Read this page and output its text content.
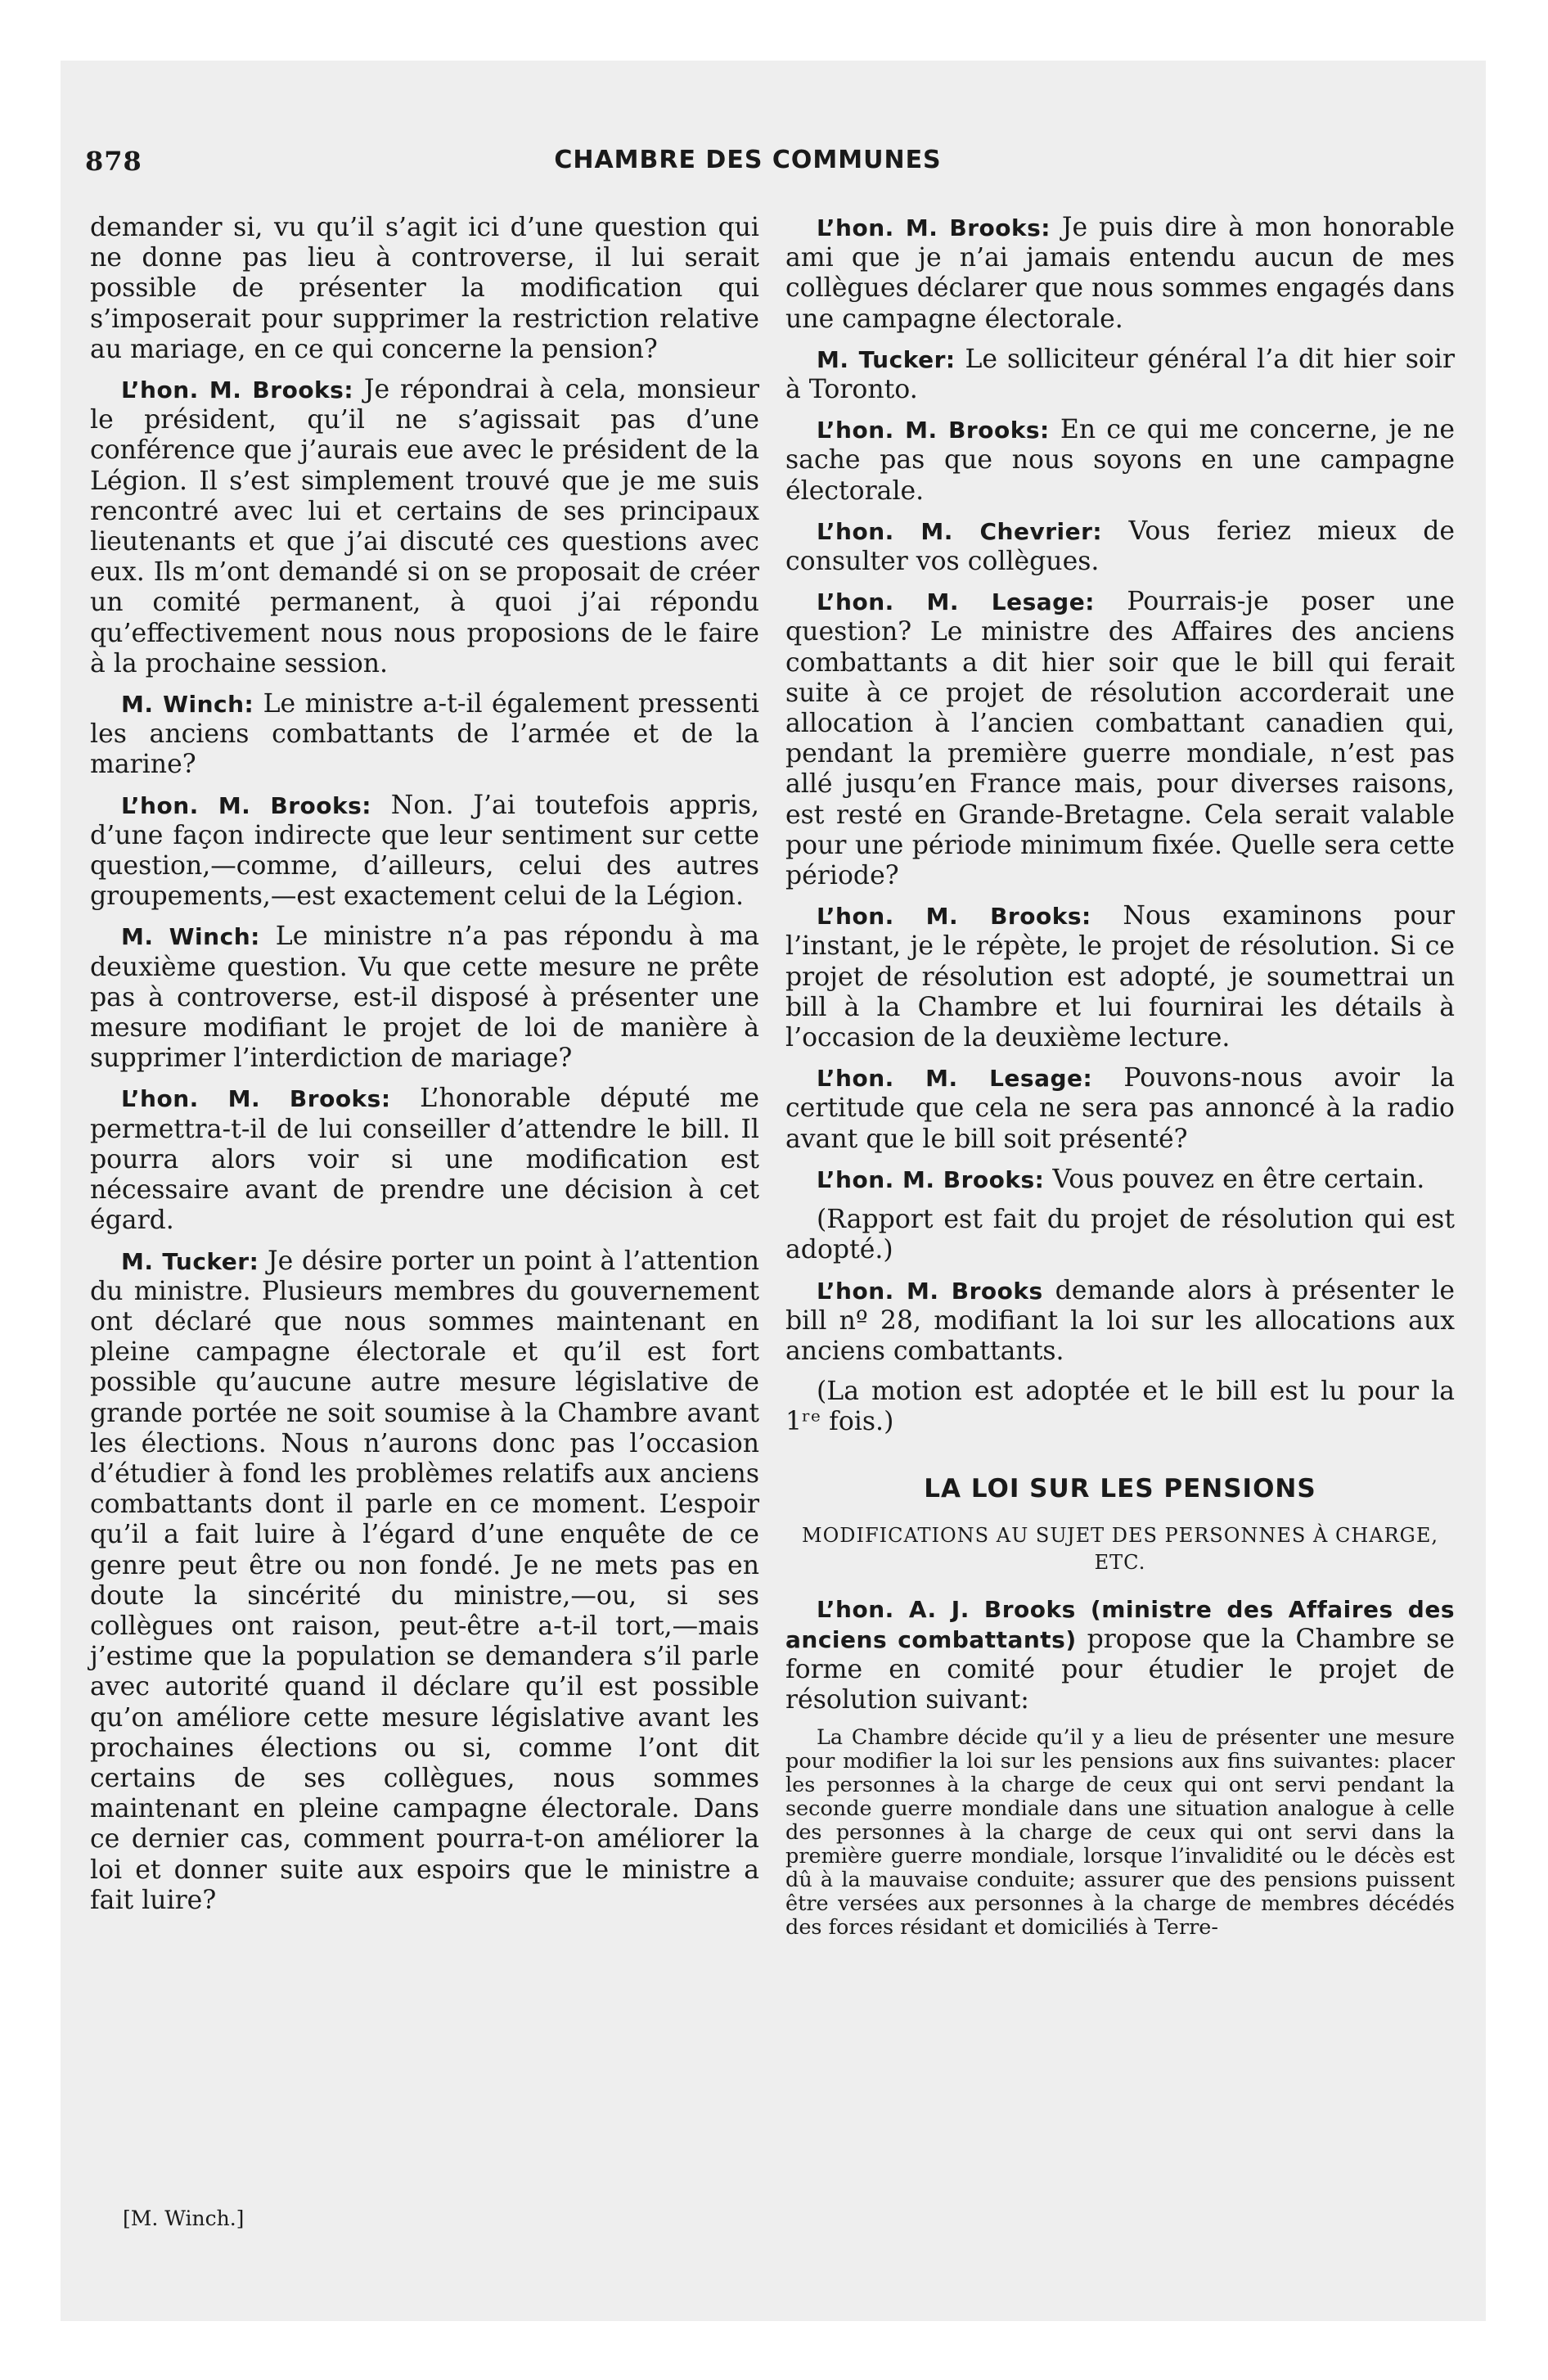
878	CHAMBRE DES COMMUNES

demander si, vu qu’il s’agit ici d’une question qui ne donne pas lieu à controverse, il lui serait possible de présenter la modification qui s’imposerait pour supprimer la restriction relative au mariage, en ce qui concerne la pension?

L’hon. M. Brooks: Je répondrai à cela, monsieur le président, qu’il ne s’agissait pas d’une conférence que j’aurais eue avec le président de la Légion. Il s’est simplement trouvé que je me suis rencontré avec lui et certains de ses principaux lieutenants et que j’ai discuté ces questions avec eux. Ils m’ont demandé si on se proposait de créer un comité permanent, à quoi j’ai répondu qu’effectivement nous nous proposions de le faire à la prochaine session.

M. Winch: Le ministre a-t-il également pressenti les anciens combattants de l’armée et de la marine?

L’hon. M. Brooks: Non. J’ai toutefois appris, d’une façon indirecte que leur sentiment sur cette question,—comme, d’ailleurs, celui des autres groupements,—est exactement celui de la Légion.

M. Winch: Le ministre n’a pas répondu à ma deuxième question. Vu que cette mesure ne prête pas à controverse, est-il disposé à présenter une mesure modifiant le projet de loi de manière à supprimer l’interdiction de mariage?

L’hon. M. Brooks: L’honorable député me permettra-t-il de lui conseiller d’attendre le bill. Il pourra alors voir si une modification est nécessaire avant de prendre une décision à cet égard.

M. Tucker: Je désire porter un point à l’attention du ministre. Plusieurs membres du gouvernement ont déclaré que nous sommes maintenant en pleine campagne électorale et qu’il est fort possible qu’aucune autre mesure législative de grande portée ne soit soumise à la Chambre avant les élections. Nous n’aurons donc pas l’occasion d’étudier à fond les problèmes relatifs aux anciens combattants dont il parle en ce moment. L’espoir qu’il a fait luire à l’égard d’une enquête de ce genre peut être ou non fondé. Je ne mets pas en doute la sincérité du ministre,—ou, si ses collègues ont raison, peut-être a-t-il tort,—mais j’estime que la population se demandera s’il parle avec autorité quand il déclare qu’il est possible qu’on améliore cette mesure législative avant les prochaines élections ou si, comme l’ont dit certains de ses collègues, nous sommes maintenant en pleine campagne électorale. Dans ce dernier cas, comment pourra-t-on améliorer la loi et donner suite aux espoirs que le ministre a fait luire?

[M. Winch.]

L’hon. M. Brooks: Je puis dire à mon honorable ami que je n’ai jamais entendu aucun de mes collègues déclarer que nous sommes engagés dans une campagne électorale.

M. Tucker: Le solliciteur général l’a dit hier soir à Toronto.

L’hon. M. Brooks: En ce qui me concerne, je ne sache pas que nous soyons en une campagne électorale.

L’hon. M. Chevrier: Vous feriez mieux de consulter vos collègues.

L’hon. M. Lesage: Pourrais-je poser une question? Le ministre des Affaires des anciens combattants a dit hier soir que le bill qui ferait suite à ce projet de résolution accorderait une allocation à l’ancien combattant canadien qui, pendant la première guerre mondiale, n’est pas allé jusqu’en France mais, pour diverses raisons, est resté en Grande-Bretagne. Cela serait valable pour une période minimum fixée. Quelle sera cette période?

L’hon. M. Brooks: Nous examinons pour l’instant, je le répète, le projet de résolution. Si ce projet de résolution est adopté, je soumettrai un bill à la Chambre et lui fournirai les détails à l’occasion de la deuxième lecture.

L’hon. M. Lesage: Pouvons-nous avoir la certitude que cela ne sera pas annoncé à la radio avant que le bill soit présenté?

L’hon. M. Brooks: Vous pouvez en être certain.

(Rapport est fait du projet de résolution qui est adopté.)

L’hon. M. Brooks demande alors à présenter le bill nº 28, modifiant la loi sur les allocations aux anciens combattants.

(La motion est adoptée et le bill est lu pour la 1ʳᵉ fois.)

LA LOI SUR LES PENSIONS
MODIFICATIONS AU SUJET DES PERSONNES À CHARGE, ETC.

L’hon. A. J. Brooks (ministre des Affaires des anciens combattants) propose que la Chambre se forme en comité pour étudier le projet de résolution suivant:

La Chambre décide qu’il y a lieu de présenter une mesure pour modifier la loi sur les pensions aux fins suivantes: placer les personnes à la charge de ceux qui ont servi pendant la seconde guerre mondiale dans une situation analogue à celle des personnes à la charge de ceux qui ont servi dans la première guerre mondiale, lorsque l’invalidité ou le décès est dû à la mauvaise conduite; assurer que des pensions puissent être versées aux personnes à la charge de membres décédés des forces résidant et domiciliés à Terre-
